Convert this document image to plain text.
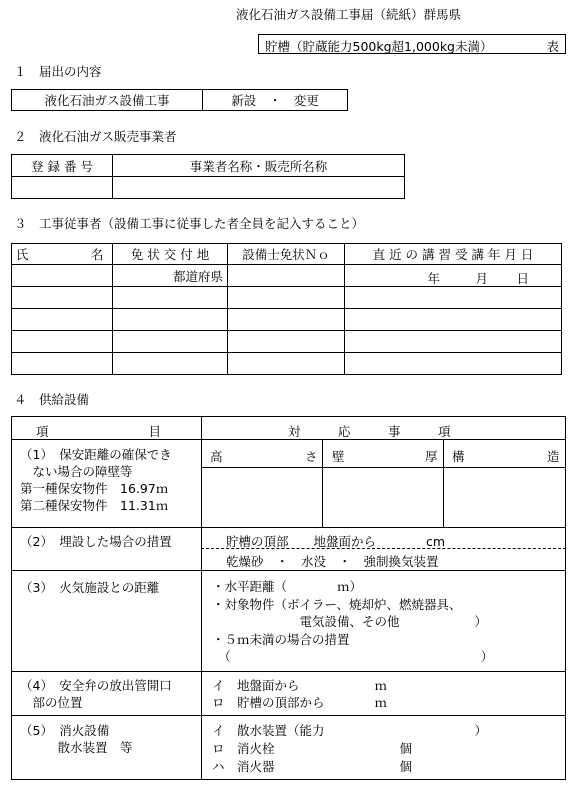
液化石油ガス設備工事届（続紙）群馬県
貯槽（貯蔵能力500kg超1,000kg未満）	表
１　届出の内容
液化石油ガス設備工事	新設　・　変更
２　液化石油ガス販売事業者
登 録 番 号	事業者名称・販売所名称

３　工事従事者（設備工事に従事した者全員を記入すること）
氏　　　　　名	免 状 交 付 地	設備士免状Ｎｏ	直 近 の 講 習 受 講 年 月 日
	都道府県		年 月 日

４　供給設備
項　　　　　　　　目	対　　　応　　　事　　　項
（1）　保安距離の確保でき
　ない場合の障壁等
第一種保安物件　16.97ｍ
第二種保安物件　11.31ｍ
高	さ 壁	厚 構	造
（2）　埋設した場合の措置	貯槽の頂部　　地盤面から　　　　cm
乾燥砂　・　水没　・　強制換気装置
（3）　火気施設との距離	・水平距離（　　　　ｍ）
・対象物件（ボイラー、焼却炉、燃焼器具、
　　　　　　　電気設備、その他　　　　　　）
・５ｍ未満の場合の措置
　（　　　　　　　　　　　　　　　　　　　　）
（4）　安全弁の放出管開口
　部の位置
イ　地盤面から　　　　　　ｍ
ロ　貯槽の頂部から　　　　ｍ
（5）　消火設備
　　　散水装置　等
イ　散水装置（能力　　　　　　　　　　　　）
ロ　消火栓　　　　　　　　　　個
ハ　消火器　　　　　　　　　　個
